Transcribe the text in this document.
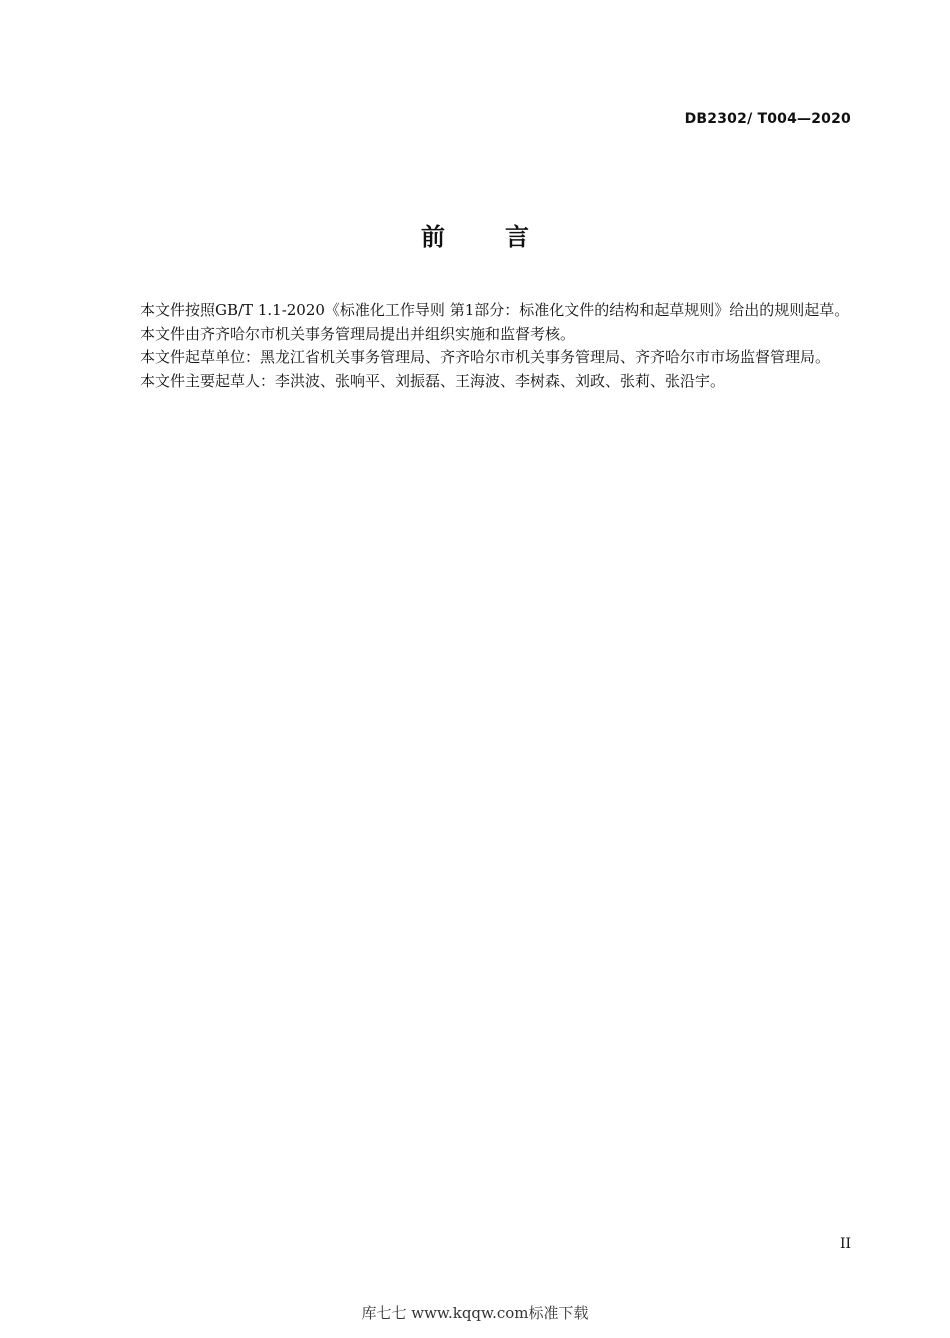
DB2302/ T004—2020
前言

本文件按照GB/T 1.1-2020《标准化工作导则 第1部分：标准化文件的结构和起草规则》给出的规则起草。

本文件由齐齐哈尔市机关事务管理局提出并组织实施和监督考核。

本文件起草单位：黑龙江省机关事务管理局、齐齐哈尔市机关事务管理局、齐齐哈尔市市场监督管理局。

本文件主要起草人：李洪波、张响平、刘振磊、王海波、李树森、刘政、张莉、张沿宇。

II
库七七 www.kqqw.com标准下载
